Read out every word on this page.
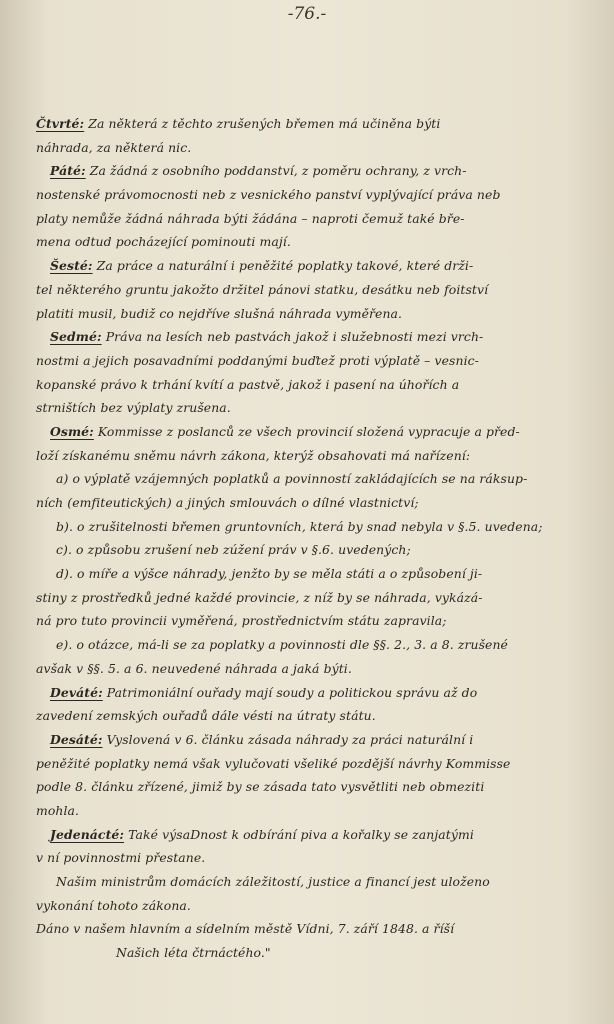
-76.-
Čtvrté: Za některá z těchto zrušených břemen má učiněna býti
náhrada, za některá nic.
Páté: Za žádná z osobního poddanství, z poměru ochrany, z vrch-
nostenské právomocnosti neb z vesnického panství vyplývající práva neb
platy nemůže žádná náhrada býti žádána – naproti čemuž také bře-
mena odtud pocházející pominouti mají.
Šesté: Za práce a naturální i peněžité poplatky takové, které drži-
tel některého gruntu jakožto držitel pánovi statku, desátku neb foitství
platiti musil, budiž co nejdříve slušná náhrada vyměřena.
Sedmé: Práva na lesích neb pastvách jakož i služebnosti mezi vrch-
nostmi a jejich posavadními poddanými buďtež proti výplatě – vesnic-
kopanské právo k trhání kvítí a pastvě, jakož i pasení na úhořích a
strništích bez výplaty zrušena.
Osmé: Kommisse z poslanců ze všech provincií složená vypracuje a před-
loží získanému sněmu návrh zákona, kterýž obsahovati má nařízení:
a) o výplatě vzájemných poplatků a povinností zakládajících se na ráksup-
ních (emfiteutických) a jiných smlouvách o dílné vlastnictví;
b). o zrušitelnosti břemen gruntovních, která by snad nebyla v §.5. uvedena;
c). o způsobu zrušení neb zúžení práv v §.6. uvedených;
d). o míře a výšce náhrady, jenžto by se měla státi a o způsobení ji-
stiny z prostředků jedné každé provincie, z níž by se náhrada, vykázá-
ná pro tuto provincii vyměřená, prostřednictvím státu zapravila;
e). o otázce, má-li se za poplatky a povinnosti dle §§. 2., 3. a 8. zrušené
avšak v §§. 5. a 6. neuvedené náhrada a jaká býti.
Deváté: Patrimoniální ouřady mají soudy a politickou správu až do
zavedení zemských ouřadů dále vésti na útraty státu.
Desáté: Vyslovená v 6. článku zásada náhrady za práci naturální i
peněžité poplatky nemá však vylučovati všeliké pozdější návrhy Kommisse
podle 8. článku zřízené, jimiž by se zásada tato vysvětliti neb obmeziti
mohla.
Jedenácté: Také výsaDnost k odbírání piva a kořalky se zanjatými
v ní povinnostmi přestane.
Našim ministrům domácích záležitostí, justice a financí jest uloženo
vykonání tohoto zákona.
Dáno v našem hlavním a sídelním městě Vídni, 7. září 1848. a říší
Našich léta čtrnáctého."
